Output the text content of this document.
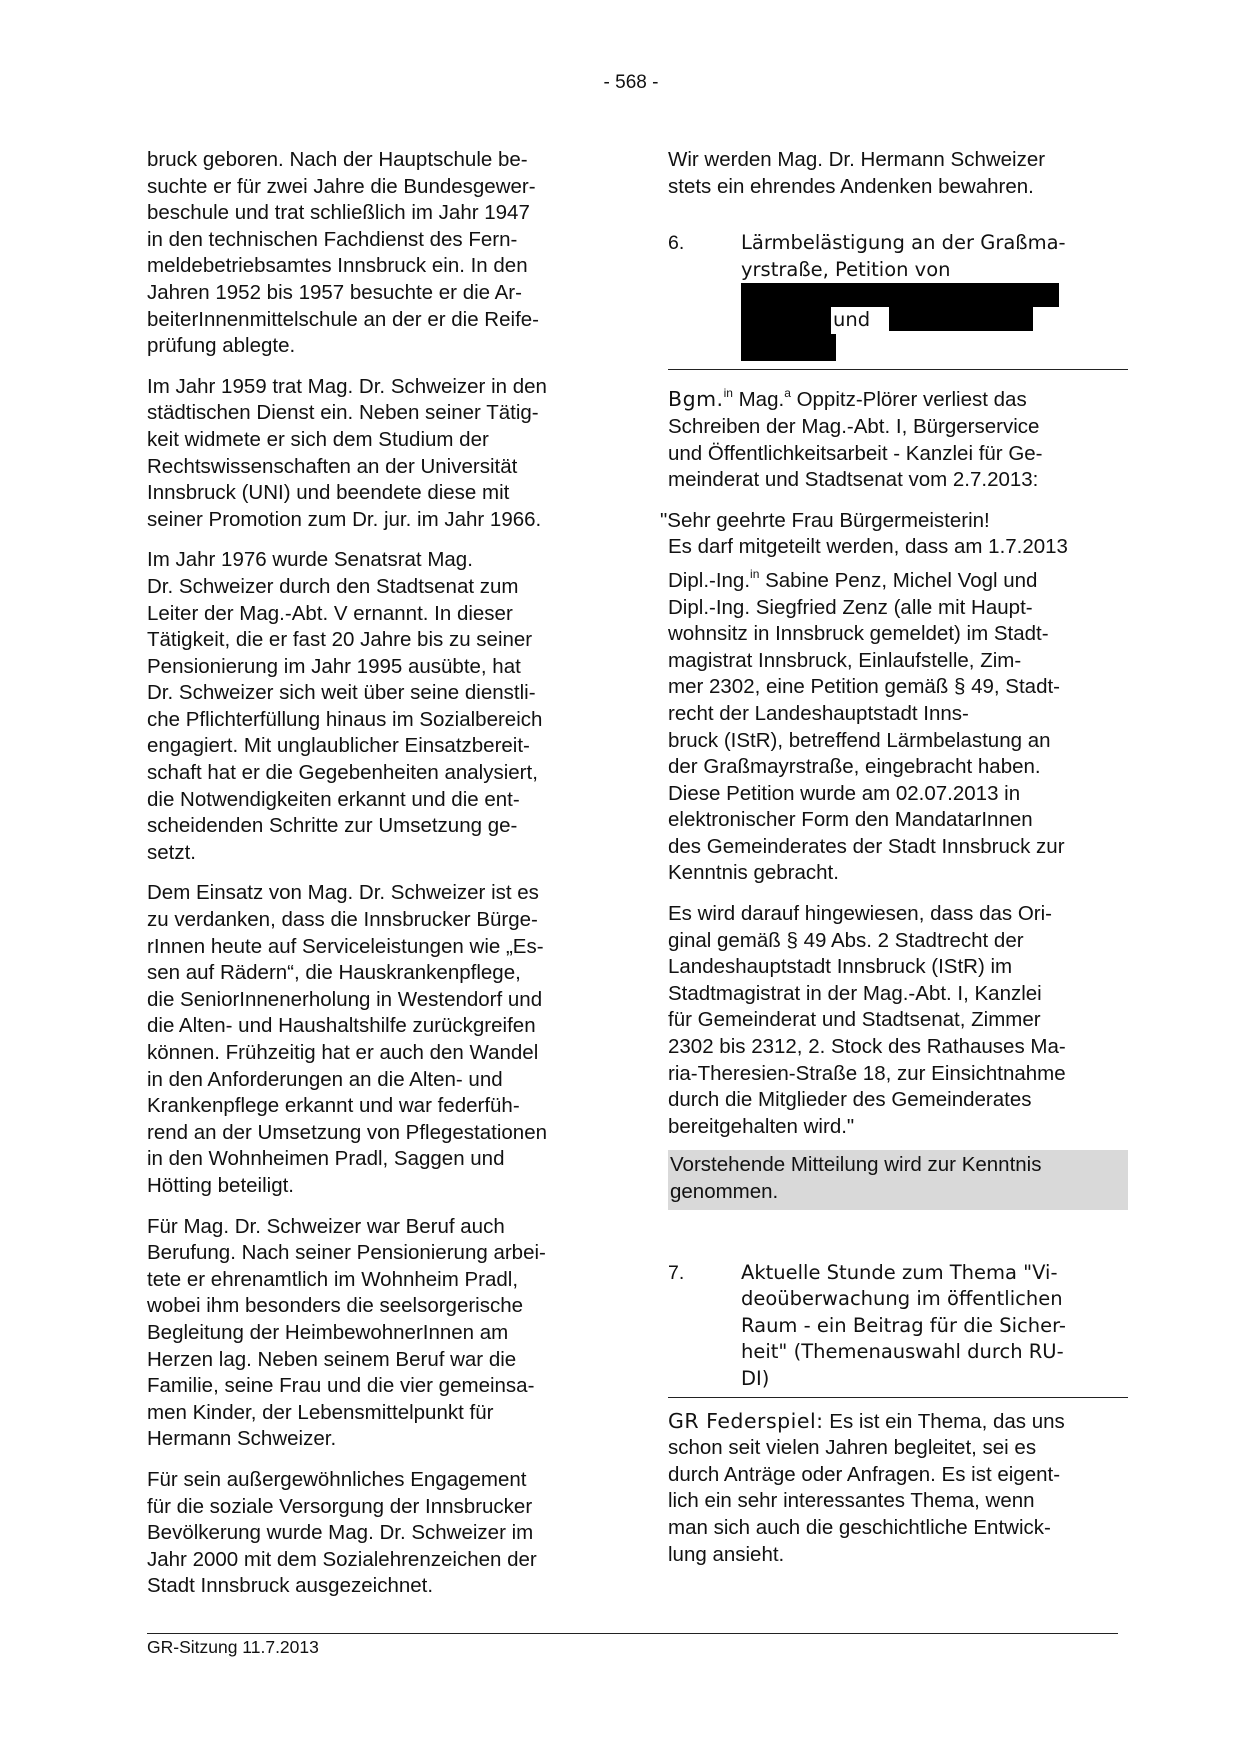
- 568 -

bruck geboren. Nach der Hauptschule be-
suchte er für zwei Jahre die Bundesgewer-
beschule und trat schließlich im Jahr 1947
in den technischen Fachdienst des Fern-
meldebetriebsamtes Innsbruck ein. In den
Jahren 1952 bis 1957 besuchte er die Ar-
beiterInnenmittelschule an der er die Reife-
prüfung ablegte.

Im Jahr 1959 trat Mag. Dr. Schweizer in den
städtischen Dienst ein. Neben seiner Tätig-
keit widmete er sich dem Studium der
Rechtswissenschaften an der Universität
Innsbruck (UNI) und beendete diese mit
seiner Promotion zum Dr. jur. im Jahr 1966.

Im Jahr 1976 wurde Senatsrat Mag.
Dr. Schweizer durch den Stadtsenat zum
Leiter der Mag.-Abt. V ernannt. In dieser
Tätigkeit, die er fast 20 Jahre bis zu seiner
Pensionierung im Jahr 1995 ausübte, hat
Dr. Schweizer sich weit über seine dienstli-
che Pflichterfüllung hinaus im Sozialbereich
engagiert. Mit unglaublicher Einsatzbereit-
schaft hat er die Gegebenheiten analysiert,
die Notwendigkeiten erkannt und die ent-
scheidenden Schritte zur Umsetzung ge-
setzt.

Dem Einsatz von Mag. Dr. Schweizer ist es
zu verdanken, dass die Innsbrucker Bürge-
rInnen heute auf Serviceleistungen wie „Es-
sen auf Rädern“, die Hauskrankenpflege,
die SeniorInnenerholung in Westendorf und
die Alten- und Haushaltshilfe zurückgreifen
können. Frühzeitig hat er auch den Wandel
in den Anforderungen an die Alten- und
Krankenpflege erkannt und war federfüh-
rend an der Umsetzung von Pflegestationen
in den Wohnheimen Pradl, Saggen und
Hötting beteiligt.

Für Mag. Dr. Schweizer war Beruf auch
Berufung. Nach seiner Pensionierung arbei-
tete er ehrenamtlich im Wohnheim Pradl,
wobei ihm besonders die seelsorgerische
Begleitung der HeimbewohnerInnen am
Herzen lag. Neben seinem Beruf war die
Familie, seine Frau und die vier gemeinsa-
men Kinder, der Lebensmittelpunkt für
Hermann Schweizer.

Für sein außergewöhnliches Engagement
für die soziale Versorgung der Innsbrucker
Bevölkerung wurde Mag. Dr. Schweizer im
Jahr 2000 mit dem Sozialehrenzeichen der
Stadt Innsbruck ausgezeichnet.

Wir werden Mag. Dr. Hermann Schweizer
stets ein ehrendes Andenken bewahren.

6.	Lärmbelästigung an der Graßma-
yrstraße, Petition von
und

Bgm.$^{in}$ Mag.$^a$ Oppitz-Plörer verliest das
Schreiben der Mag.-Abt. I, Bürgerservice
und Öffentlichkeitsarbeit - Kanzlei für Ge-
meinderat und Stadtsenat vom 2.7.2013:

"Sehr geehrte Frau Bürgermeisterin!
Es darf mitgeteilt werden, dass am 1.7.2013
Dipl.-Ing.$^{in}$ Sabine Penz, Michel Vogl und
Dipl.-Ing. Siegfried Zenz (alle mit Haupt-
wohnsitz in Innsbruck gemeldet) im Stadt-
magistrat Innsbruck, Einlaufstelle, Zim-
mer 2302, eine Petition gemäß § 49, Stadt-
recht der Landeshauptstadt Inns-
bruck (IStR), betreffend Lärmbelastung an
der Graßmayrstraße, eingebracht haben.
Diese Petition wurde am 02.07.2013 in
elektronischer Form den MandatarInnen
des Gemeinderates der Stadt Innsbruck zur
Kenntnis gebracht.

Es wird darauf hingewiesen, dass das Ori-
ginal gemäß § 49 Abs. 2 Stadtrecht der
Landeshauptstadt Innsbruck (IStR) im
Stadtmagistrat in der Mag.-Abt. I, Kanzlei
für Gemeinderat und Stadtsenat, Zimmer
2302 bis 2312, 2. Stock des Rathauses Ma-
ria-Theresien-Straße 18, zur Einsichtnahme
durch die Mitglieder des Gemeinderates
bereitgehalten wird."

Vorstehende Mitteilung wird zur Kenntnis
genommen.
7.	Aktuelle Stunde zum Thema "Vi-
deoüberwachung im öffentlichen
Raum - ein Beitrag für die Sicher-
heit" (Themenauswahl durch RU-
DI)

GR Federspiel: Es ist ein Thema, das uns
schon seit vielen Jahren begleitet, sei es
durch Anträge oder Anfragen. Es ist eigent-
lich ein sehr interessantes Thema, wenn
man sich auch die geschichtliche Entwick-
lung ansieht.

GR-Sitzung 11.7.2013
